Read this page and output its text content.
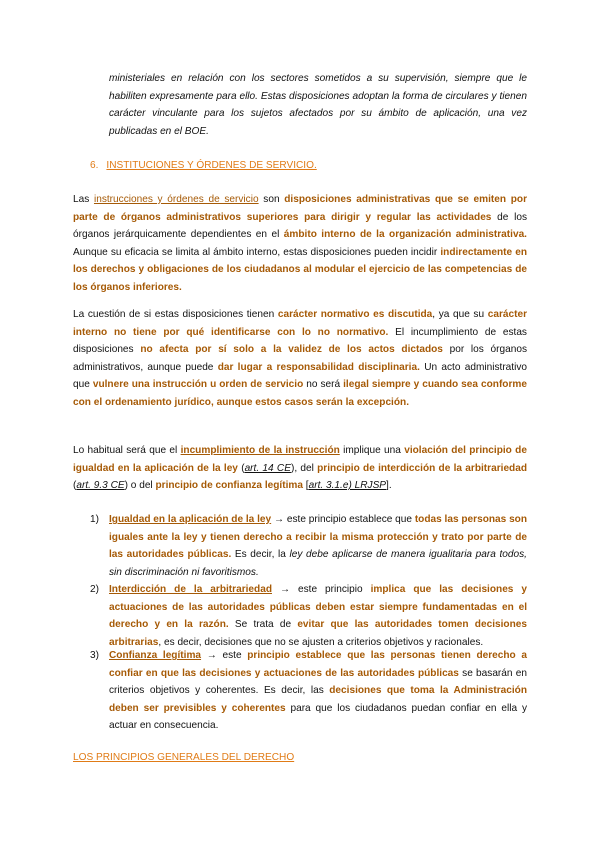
ministeriales en relación con los sectores sometidos a su supervisión, siempre que le habiliten expresamente para ello. Estas disposiciones adoptan la forma de circulares y tienen carácter vinculante para los sujetos afectados por su ámbito de aplicación, una vez publicadas en el BOE.

6. INSTITUCIONES Y ÓRDENES DE SERVICIO.

Las instrucciones y órdenes de servicio son disposiciones administrativas que se emiten por parte de órganos administrativos superiores para dirigir y regular las actividades de los órganos jerárquicamente dependientes en el ámbito interno de la organización administrativa. Aunque su eficacia se limita al ámbito interno, estas disposiciones pueden incidir indirectamente en los derechos y obligaciones de los ciudadanos al modular el ejercicio de las competencias de los órganos inferiores.

La cuestión de si estas disposiciones tienen carácter normativo es discutida, ya que su carácter interno no tiene por qué identificarse con lo no normativo. El incumplimiento de estas disposiciones no afecta por sí solo a la validez de los actos dictados por los órganos administrativos, aunque puede dar lugar a responsabilidad disciplinaria. Un acto administrativo que vulnere una instrucción u orden de servicio no será ilegal siempre y cuando sea conforme con el ordenamiento jurídico, aunque estos casos serán la excepción.

Lo habitual será que el incumplimiento de la instrucción implique una violación del principio de igualdad en la aplicación de la ley (art. 14 CE), del principio de interdicción de la arbitrariedad (art. 9.3 CE) o del principio de confianza legítima [art. 3.1.e) LRJSP].

1) Igualdad en la aplicación de la ley → este principio establece que todas las personas son iguales ante la ley y tienen derecho a recibir la misma protección y trato por parte de las autoridades públicas. Es decir, la ley debe aplicarse de manera igualitaria para todos, sin discriminación ni favoritismos.

2) Interdicción de la arbitrariedad → este principio implica que las decisiones y actuaciones de las autoridades públicas deben estar siempre fundamentadas en el derecho y en la razón. Se trata de evitar que las autoridades tomen decisiones arbitrarias, es decir, decisiones que no se ajusten a criterios objetivos y racionales.

3) Confianza legítima → este principio establece que las personas tienen derecho a confiar en que las decisiones y actuaciones de las autoridades públicas se basarán en criterios objetivos y coherentes. Es decir, las decisiones que toma la Administración deben ser previsibles y coherentes para que los ciudadanos puedan confiar en ella y actuar en consecuencia.

LOS PRINCIPIOS GENERALES DEL DERECHO
